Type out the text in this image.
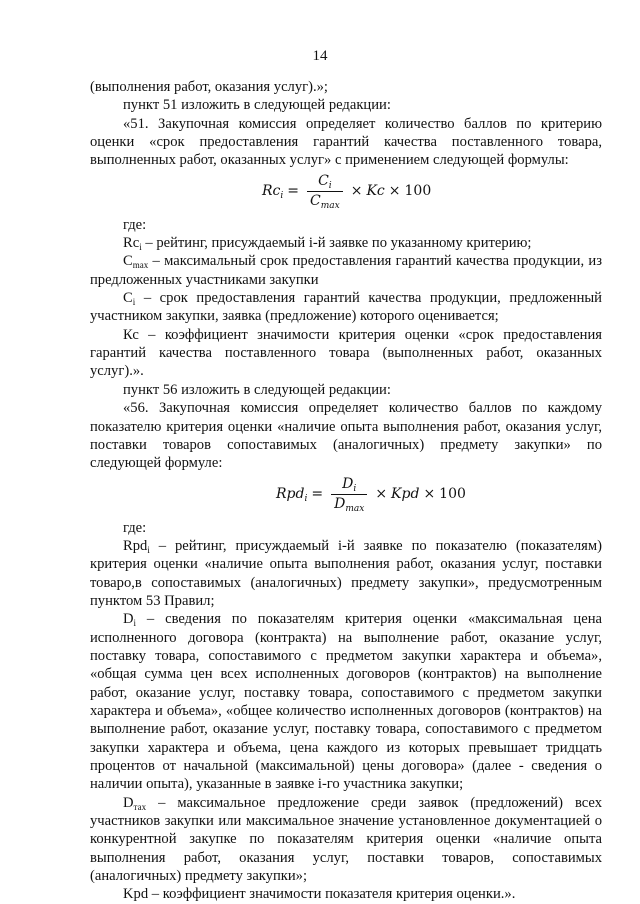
14

(выполнения работ, оказания услуг).»;

пункт 51 изложить в следующей редакции:

«51. Закупочная комиссия определяет количество баллов по критерию оценки «срок предоставления гарантий качества поставленного товара, выполненных работ, оказанных услуг» с применением следующей формулы:

$Rc_i = \frac{C_i}{C_{max}} \times Kc \times 100$

где:

$Rc_i$ – рейтинг, присуждаемый i-й заявке по указанному критерию;

$C_{max}$ – максимальный срок предоставления гарантий качества продукции, из предложенных участниками закупки

$C_i$ – срок предоставления гарантий качества продукции, предложенный участником закупки, заявка (предложение) которого оценивается;

Кс – коэффициент значимости критерия оценки «срок предоставления гарантий качества поставленного товара (выполненных работ, оказанных услуг).».

пункт 56 изложить в следующей редакции:

«56. Закупочная комиссия определяет количество баллов по каждому показателю критерия оценки «наличие опыта выполнения работ, оказания услуг, поставки товаров сопоставимых (аналогичных) предмету закупки» по следующей формуле:

$Rpd_i = \frac{D_i}{D_{max}}$ × Kpd × 100

где:

Rpd$_i$ – рейтинг, присуждаемый i-й заявке по показателю (показателям) критерия оценки «наличие опыта выполнения работ, оказания услуг, поставки товаро,в сопоставимых (аналогичных) предмету закупки», предусмотренным пунктом 53 Правил;

$D_i$ – сведения по показателям критерия оценки «максимальная цена исполненного договора (контракта) на выполнение работ, оказание услуг, поставку товара, сопоставимого с предметом закупки характера и объема», «общая сумма цен всех исполненных договоров (контрактов) на выполнение работ, оказание услуг, поставку товара, сопоставимого с предметом закупки характера и объема», «общее количество исполненных договоров (контрактов) на выполнение работ, оказание услуг, поставку товара, сопоставимого с предметом закупки характера и объема, цена каждого из которых превышает тридцать процентов от начальной (максимальной) цены договора» (далее - сведения о наличии опыта), указанные в заявке i-го участника закупки;

$D_{тах}$ – максимальное предложение среди заявок (предложений) всех участников закупки или максимальное значение установленное документацией о конкурентной закупке по показателям критерия оценки «наличие опыта выполнения работ, оказания услуг, поставки товаров, сопоставимых (аналогичных) предмету закупки»;

Kpd – коэффициент значимости показателя критерия оценки.».
